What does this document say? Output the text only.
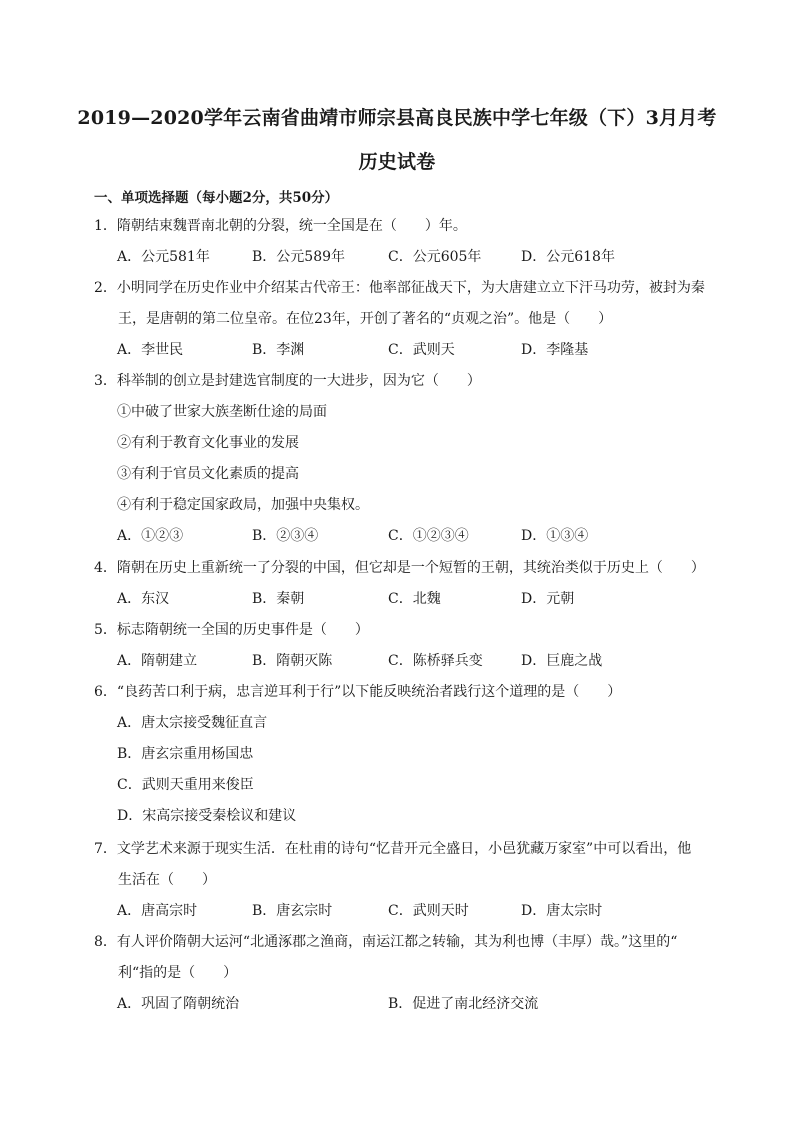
2019—2020学年云南省曲靖市师宗县高良民族中学七年级（下）3月月考
历史试卷
一、单项选择题（每小题2分，共50分）
1．隋朝结束魏晋南北朝的分裂，统一全国是在（　　）年。
A．公元581年	B．公元589年	C．公元605年	D．公元618年
2．小明同学在历史作业中介绍某古代帝王：他率部征战天下，为大唐建立立下汗马功劳，被封为秦
王，是唐朝的第二位皇帝。在位23年，开创了著名的“贞观之治”。他是（　　）
A．李世民	B．李渊	C．武则天	D．李隆基
3．科举制的创立是封建选官制度的一大进步，因为它（　　）
①中破了世家大族垄断仕途的局面
②有利于教育文化事业的发展
③有利于官员文化素质的提高
④有利于稳定国家政局，加强中央集权。
A．①②③	B．②③④	C．①②③④	D．①③④
4．隋朝在历史上重新统一了分裂的中国，但它却是一个短暂的王朝，其统治类似于历史上（　　）
A．东汉	B．秦朝	C．北魏	D．元朝
5．标志隋朝统一全国的历史事件是（　　）
A．隋朝建立	B．隋朝灭陈	C．陈桥驿兵变	D．巨鹿之战
6．“良药苦口利于病，忠言逆耳利于行”以下能反映统治者践行这个道理的是（　　）
A．唐太宗接受魏征直言
B．唐玄宗重用杨国忠
C．武则天重用来俊臣
D．宋高宗接受秦桧议和建议
7．文学艺术来源于现实生活．在杜甫的诗句“忆昔开元全盛日，小邑犹藏万家室”中可以看出，他
生活在（　　）
A．唐高宗时	B．唐玄宗时	C．武则天时	D．唐太宗时
8．有人评价隋朝大运河“北通涿郡之渔商，南运江都之转输，其为利也博（丰厚）哉。”这里的“
利“指的是（　　）
A．巩固了隋朝统治	B．促进了南北经济交流
